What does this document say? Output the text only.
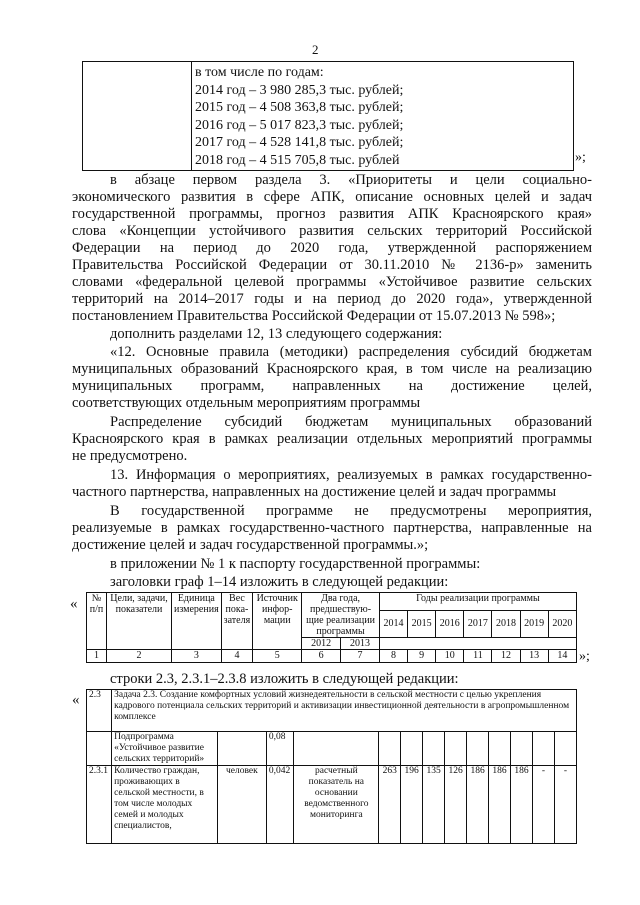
2
в том числе по годам:
2014 год – 3 980 285,3 тыс. рублей;
2015 год – 4 508 363,8 тыс. рублей;
2016 год – 5 017 823,3 тыс. рублей;
2017 год – 4 528 141,8 тыс. рублей;
2018 год – 4 515 705,8 тыс. рублей	»;
в абзаце первом раздела 3. «Приоритеты и цели социально-
экономического развития в сфере АПК, описание основных целей и задач
государственной программы, прогноз развития АПК Красноярского края»
слова «Концепции устойчивого развития сельских территорий Российской
Федерации на период до 2020 года, утвержденной распоряжением
Правительства Российской Федерации от 30.11.2010 № 2136-р» заменить
словами «федеральной целевой программы «Устойчивое развитие сельских
территорий на 2014–2017 годы и на период до 2020 года», утвержденной
постановлением Правительства Российской Федерации от 15.07.2013 № 598»;
дополнить разделами 12, 13 следующего содержания:
«12. Основные правила (методики) распределения субсидий бюджетам
муниципальных образований Красноярского края, в том числе на реализацию
муниципальных программ, направленных на достижение целей,
соответствующих отдельным мероприятиям программы
Распределение субсидий бюджетам муниципальных образований
Красноярского края в рамках реализации отдельных мероприятий программы
не предусмотрено.
13. Информация о мероприятиях, реализуемых в рамках государственно-
частного партнерства, направленных на достижение целей и задач программы
В государственной программе не предусмотрены мероприятия,
реализуемые в рамках государственно-частного партнерства, направленные на
достижение целей и задач государственной программы.»;
в приложении № 1 к паспорту государственной программы:
заголовки граф 1–14 изложить в следующей редакции:
« № п/п	Цели, задачи, показатели	Единица измерения	Вес пока-зателя	Источник инфор-мации	Два года, предшествую-щие реализации программы		Годы реализации программы						
							2014	2015	2016	2017	2018	2019	2020
					2012	2013							
1	2	3	4	5	6	7	8	9	10	11	12	13	14 »;
строки 2.3, 2.3.1–2.3.8 изложить в следующей редакции:
« 2.3	Задача 2.3. Создание комфортных условий жизнедеятельности в сельской местности с целью укрепления кадрового потенциала сельских территорий и активизации инвестиционной деятельности в агропромышленном комплексе												
	Подпрограмма «Устойчивое развитие сельских территорий»		0,08										
2.3.1	Количество граждан, проживающих в сельской местности, в том числе молодых семей и молодых специалистов,	человек	0,042	расчетный показатель на основании ведомственного мониторинга	263	196	135	126	186	186	186	-	-
